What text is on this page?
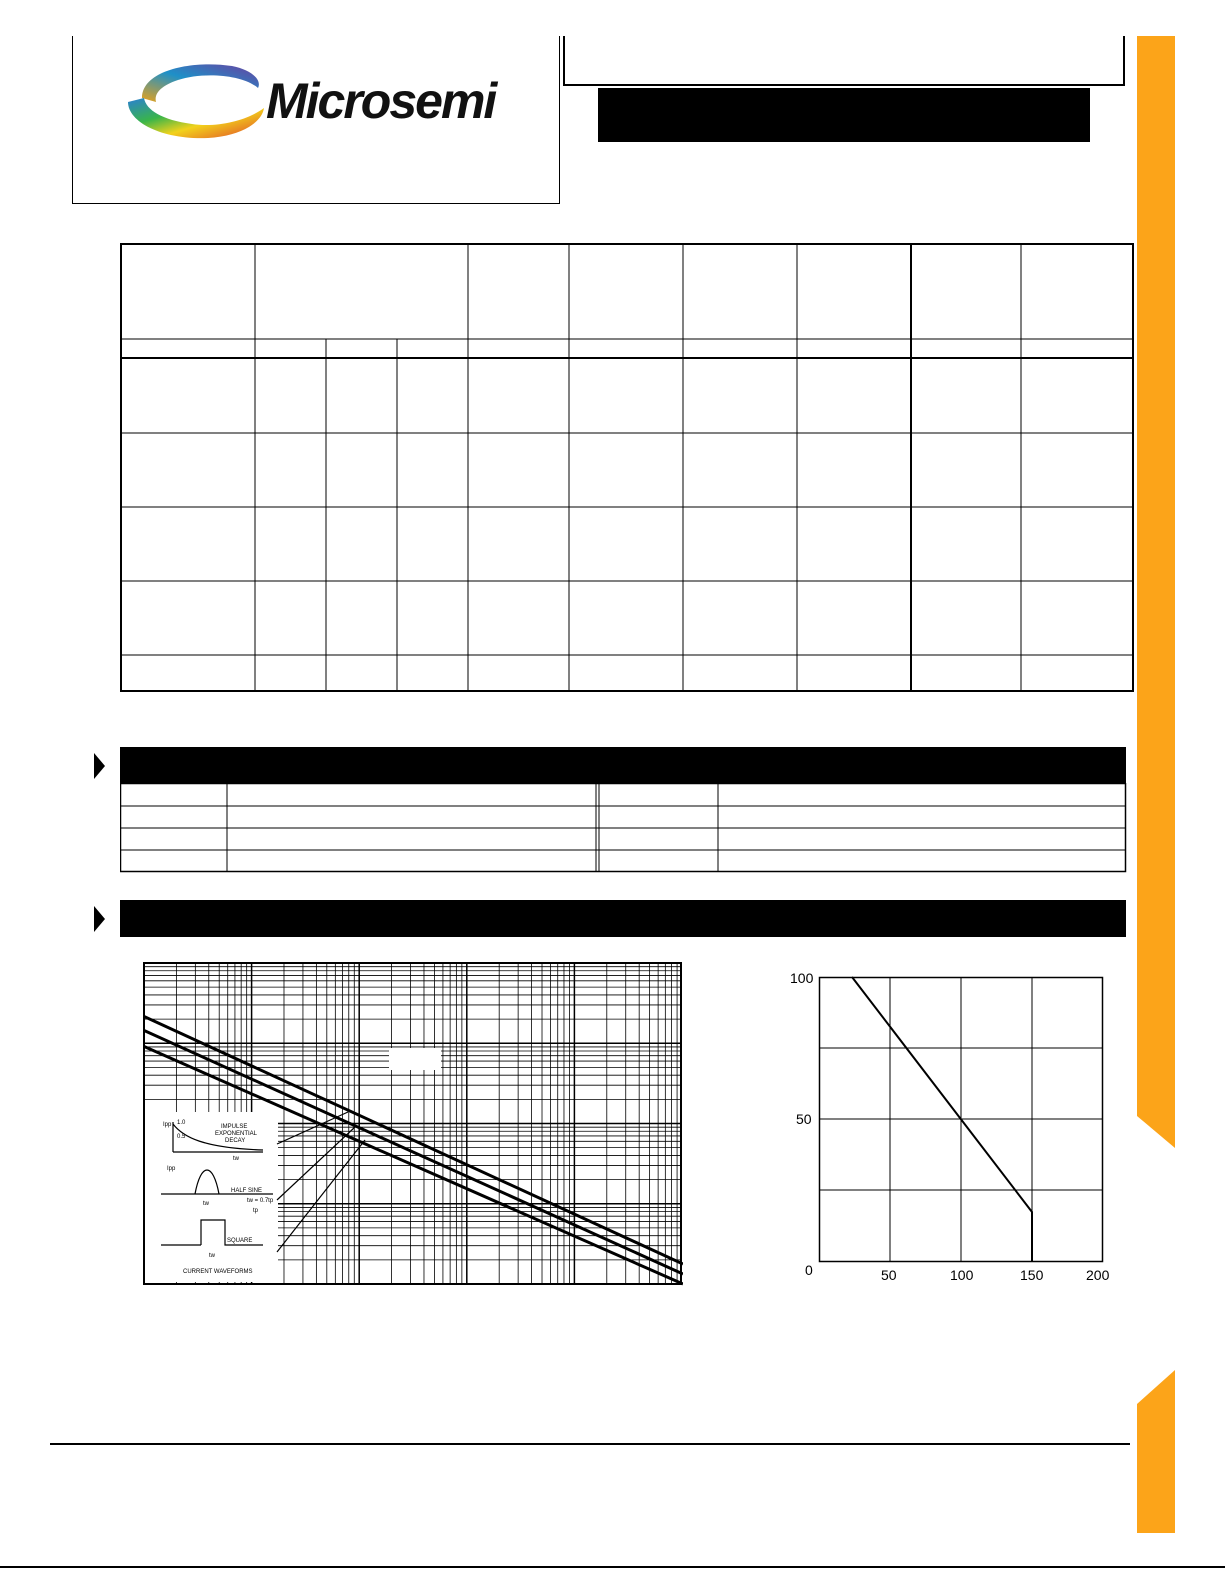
Microsemi
Ipp 1.0
0.5
IMPULSE
EXPONENTIAL
DECAY
tw
Ipp
HALF SINE
tw	tw = 0.7tp
tp
SQUARE
tw
CURRENT WAVEFORMS
100
50
0	50	100	150	200
